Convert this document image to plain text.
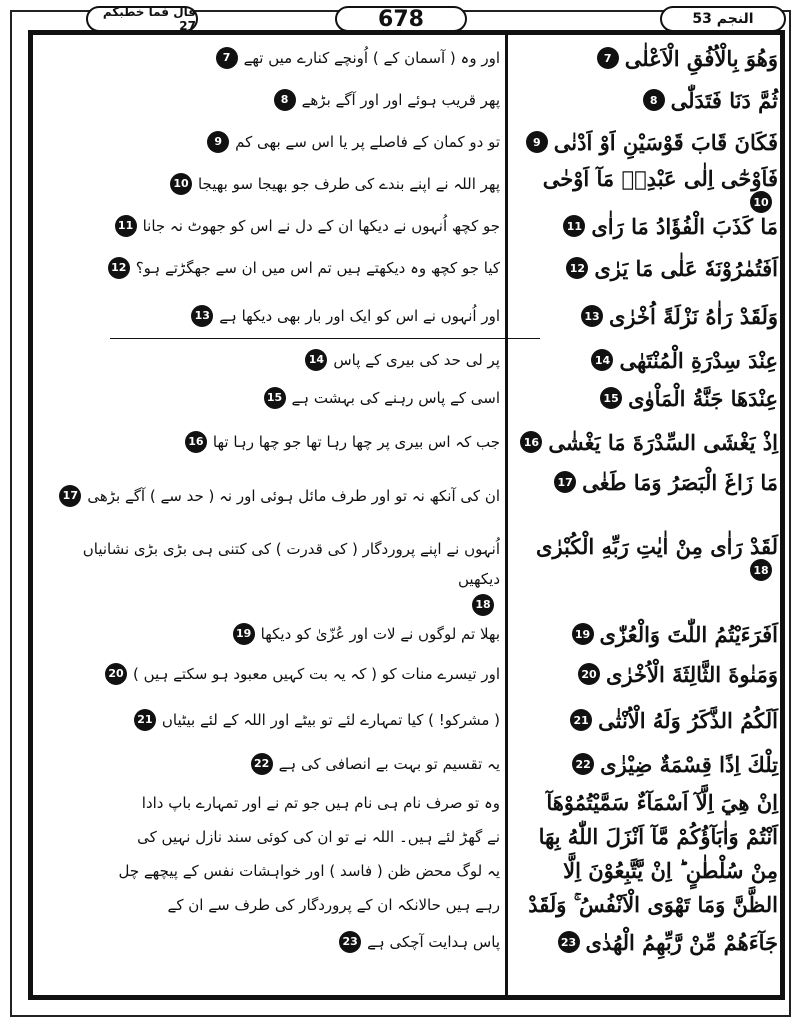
النجم 53
678
قال فما خطبکم 27
وَهُوَ بِالْاُفُقِ الْاَعْلٰى
7
ثُمَّ دَنَا فَتَدَلّٰى
8
فَكَانَ قَابَ قَوْسَيْنِ اَوْ اَدْنٰى
9
فَاَوْحٰٓى اِلٰى عَبْدِهٖ مَآ اَوْحٰى
10
مَا كَذَبَ الْفُؤَادُ مَا رَاٰى
11
اَفَتُمٰرُوْنَهٗ عَلٰى مَا يَرٰى
12
وَلَقَدْ رَاٰهُ نَزْلَةً اُخْرٰى
13
عِنْدَ سِدْرَةِ الْمُنْتَهٰى
14
عِنْدَهَا جَنَّةُ الْمَاْوٰى
15
اِذْ يَغْشَى السِّدْرَةَ مَا يَغْشٰى
16
مَا زَاغَ الْبَصَرُ وَمَا طَغٰى
17
لَقَدْ رَاٰى مِنْ اٰيٰتِ رَبِّهِ الْكُبْرٰى
18
اَفَرَءَيْتُمُ اللّٰتَ وَالْعُزّٰى
19
وَمَنٰوةَ الثَّالِثَةَ الْاُخْرٰى
20
اَلَكُمُ الذَّكَرُ وَلَهُ الْاُنْثٰى
21
تِلْكَ اِذًا قِسْمَةٌ ضِيْزٰى
22
اِنْ هِيَ اِلَّآ اَسْمَآءٌ سَمَّيْتُمُوْهَآ
اَنْتُمْ وَاٰبَآؤُكُمْ مَّآ اَنْزَلَ اللّٰهُ بِهَا
مِنْ سُلْطٰنٍ ؕ اِنْ يَّتَّبِعُوْنَ اِلَّا
الظَّنَّ وَمَا تَهْوَى الْاَنْفُسُ ۚ وَلَقَدْ
جَآءَهُمْ مِّنْ رَّبِّهِمُ الْهُدٰى
23
اور وہ ( آسمان کے ) اُونچے کنارے میں تھے
7
پھر قریب ہوئے اور اور آگے بڑھے
8
تو دو کمان کے فاصلے پر یا اس سے بھی کم
9
پھر اللہ نے اپنے بندے کی طرف جو بھیجا سو بھیجا
10
جو کچھ اُنہوں نے دیکھا ان کے دل نے اس کو جھوٹ نہ جانا
11
کیا جو کچھ وہ دیکھتے ہیں تم اس میں ان سے جھگڑتے ہو؟
12
اور اُنہوں نے اس کو ایک اور بار بھی دیکھا ہے
13
پر لی حد کی بیری کے پاس
14
اسی کے پاس رہنے کی بہشت ہے
15
جب کہ اس بیری پر چھا رہا تھا جو چھا رہا تھا
16
ان کی آنکھ نہ تو اور طرف مائل ہوئی اور نہ ( حد سے ) آگے بڑھی
17
اُنہوں نے اپنے پروردگار ( کی قدرت ) کی کتنی ہی بڑی بڑی نشانیاں دیکھیں
18
بھلا تم لوگوں نے لات اور عُزّیٰ کو دیکھا
19
اور تیسرے منات کو ( کہ یہ بت کہیں معبود ہو سکتے ہیں )
20
( مشرکو! ) کیا تمہارے لئے تو بیٹے اور اللہ کے لئے بیٹیاں
21
یہ تقسیم تو بہت بے انصافی کی ہے
22
وہ تو صرف نام ہی نام ہیں جو تم نے اور تمہارے باپ دادا
نے گھڑ لئے ہیں۔ اللہ نے تو ان کی کوئی سند نازل نہیں کی
یہ لوگ محض ظن ( فاسد ) اور خواہشات نفس کے پیچھے چل
رہے ہیں حالانکہ ان کے پروردگار کی طرف سے ان کے
پاس ہدایت آچکی ہے
23
